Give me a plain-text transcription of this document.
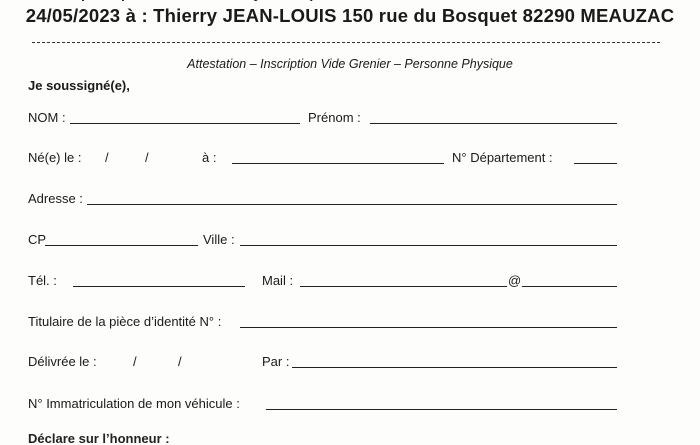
24/05/2023 à : Thierry JEAN-LOUIS 150 rue du Bosquet 82290 MEAUZAC
Attestation – Inscription Vide Grenier – Personne Physique
Je soussigné(e),
NOM :	Prénom :
Né(e) le : /	/	à :	N° Département :
Adresse :
CP	Ville :
Tél. :	Mail :	@
Titulaire de la pièce d’identité N° :
Délivrée le :	/	/	Par :
N° Immatriculation de mon véhicule :
Déclare sur l’honneur :
